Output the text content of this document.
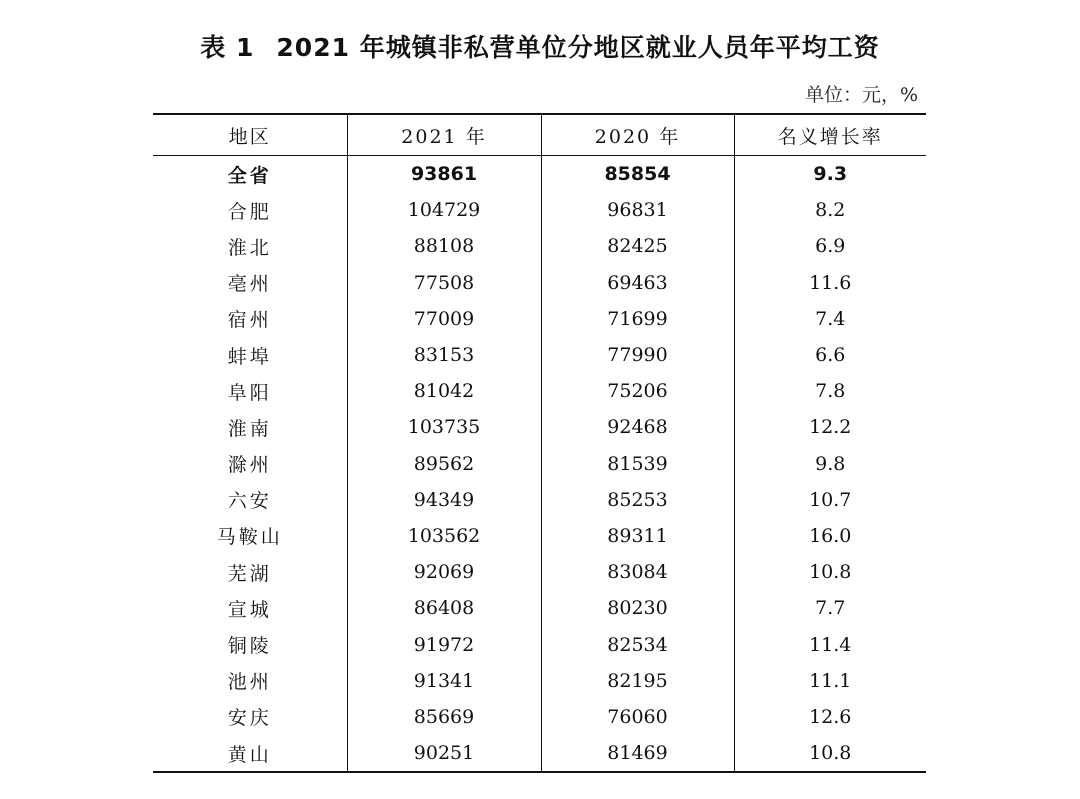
表 1 2021 年城镇非私营单位分地区就业人员年平均工资
单位：元，%
地区	2021 年	2020 年	名义增长率
全省	93861	85854	9.3
合肥	104729	96831	8.2
淮北	88108	82425	6.9
亳州	77508	69463	11.6
宿州	77009	71699	7.4
蚌埠	83153	77990	6.6
阜阳	81042	75206	7.8
淮南	103735	92468	12.2
滁州	89562	81539	9.8
六安	94349	85253	10.7
马鞍山	103562	89311	16.0
芜湖	92069	83084	10.8
宣城	86408	80230	7.7
铜陵	91972	82534	11.4
池州	91341	82195	11.1
安庆	85669	76060	12.6
黄山	90251	81469	10.8
